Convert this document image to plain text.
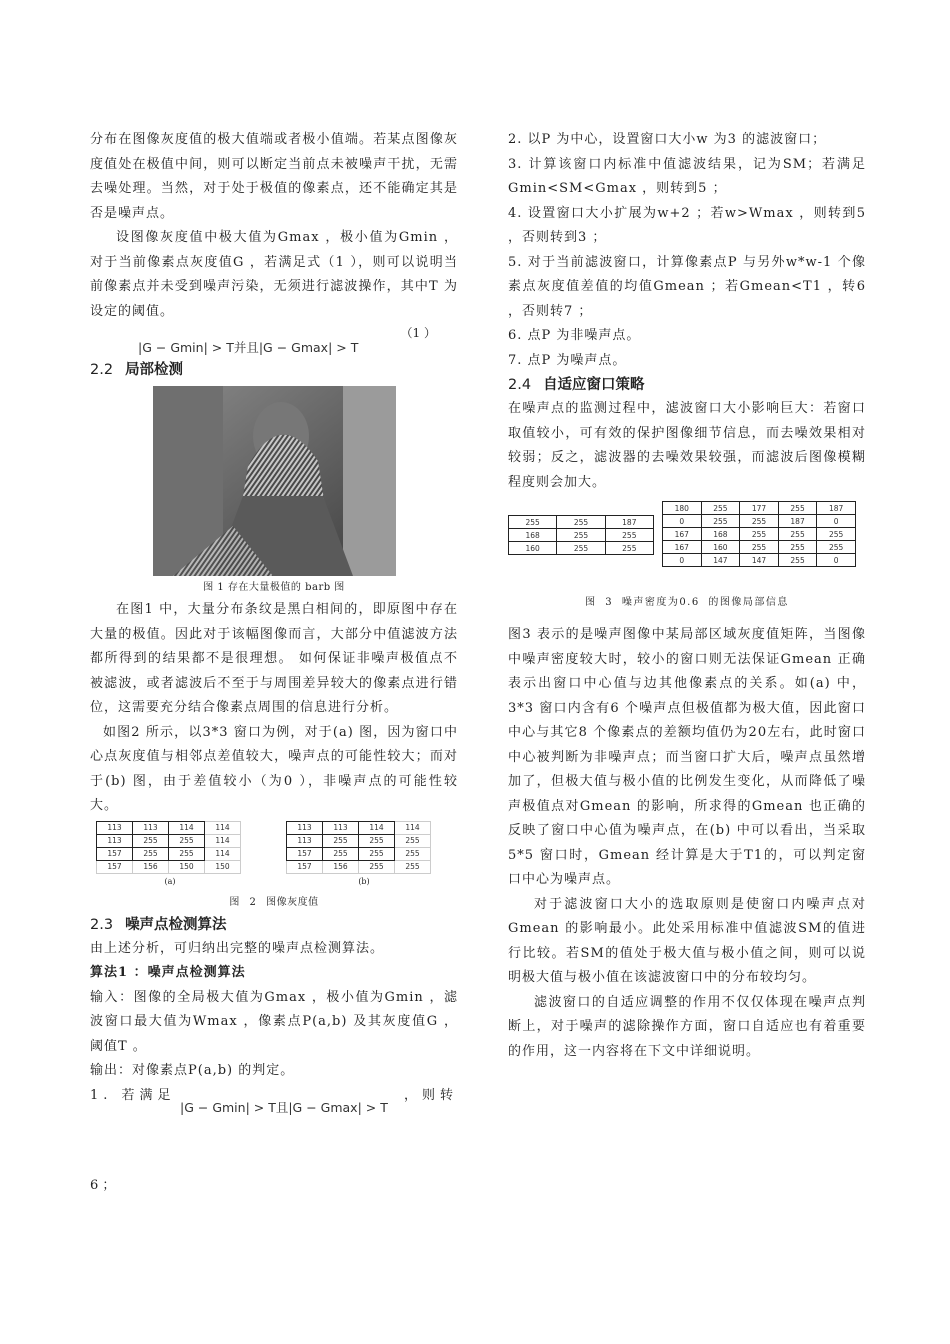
分布在图像灰度值的极大值端或者极小值端。若某点图像灰度值处在极值中间，则可以断定当前点未被噪声干扰，无需去噪处理。当然，对于处于极值的像素点，还不能确定其是否是噪声点。

设图像灰度值中极大值为Gmax ，极小值为Gmin ，对于当前像素点灰度值G ，若满足式（1 ），则可以说明当前像素点并未受到噪声污染，无须进行滤波操作，其中T 为设定的阈值。

（1 ）
|G − Gmin| > T并且|G − Gmax| > T
2.2 局部检测
图 1 存在大量极值的 barb 图

在图1 中，大量分布条纹是黑白相间的，即原图中存在大量的极值。因此对于该幅图像而言，大部分中值滤波方法都所得到的结果都不是很理想。 如何保证非噪声极值点不被滤波，或者滤波后不至于与周围差异较大的像素点进行错位，这需要充分结合像素点周围的信息进行分析。

如图2 所示，以3*3 窗口为例，对于(a) 图，因为窗口中心点灰度值与相邻点差值较大，噪声点的可能性较大；而对于(b) 图，由于差值较小（为0 ），非噪声点的可能性较大。

113	113	114	114
113	255	255	114
157	255	255	114
157	156	150	150
113	113	114	114
113	255	255	255
157	255	255	255
157	156	255	255
(a)	(b)
图 2 图像灰度值
2.3 噪声点检测算法

由上述分析，可归纳出完整的噪声点检测算法。

算法1 ：噪声点检测算法

输入：图像的全局极大值为Gmax ，极小值为Gmin ，滤波窗口最大值为Wmax ，像素点P(a,b) 及其灰度值G ，阈值T 。

输出：对像素点P(a,b) 的判定。

1. 若满足	，则转
|G − Gmin| > T且|G − Gmax| > T
6 ；

2. 以P 为中心，设置窗口大小w 为3 的滤波窗口；

3. 计算该窗口内标准中值滤波结果，记为SM；若满足Gmin<SM<Gmax ，则转到5 ；

4. 设置窗口大小扩展为w+2 ；若w>Wmax ，则转到5 ，否则转到3 ；

5. 对于当前滤波窗口，计算像素点P 与另外w*w-1 个像素点灰度值差值的均值Gmean ；若Gmean<T1 ，转6 ，否则转7 ；

6. 点P 为非噪声点。

7. 点P 为噪声点。

2.4 自适应窗口策略

在噪声点的监测过程中，滤波窗口大小影响巨大：若窗口取值较小，可有效的保护图像细节信息，而去噪效果相对较弱；反之，滤波器的去噪效果较强，而滤波后图像模糊程度则会加大。

255	255	187
168	255	255
160	255	255
180	255	177	255	187
0	255	255	187	0
167	168	255	255	255
167	160	255	255	255
0	147	147	255	0
图 3 噪声密度为0.6 的图像局部信息

图3 表示的是噪声图像中某局部区域灰度值矩阵，当图像中噪声密度较大时，较小的窗口则无法保证Gmean 正确表示出窗口中心值与边其他像素点的关系。如(a) 中，3*3 窗口内含有6 个噪声点但极值都为极大值，因此窗口中心与其它8 个像素点的差额均值仍为20左右，此时窗口中心被判断为非噪声点；而当窗口扩大后，噪声点虽然增加了，但极大值与极小值的比例发生变化，从而降低了噪声极值点对Gmean 的影响，所求得的Gmean 也正确的反映了窗口中心值为噪声点，在(b) 中可以看出，当采取5*5 窗口时，Gmean 经计算是大于T1的，可以判定窗口中心为噪声点。

对于滤波窗口大小的选取原则是使窗口内噪声点对Gmean 的影响最小。此处采用标准中值滤波SM的值进行比较。若SM的值处于极大值与极小值之间，则可以说明极大值与极小值在该滤波窗口中的分布较均匀。

滤波窗口的自适应调整的作用不仅仅体现在噪声点判断上，对于噪声的滤除操作方面，窗口自适应也有着重要的作用，这一内容将在下文中详细说明。
